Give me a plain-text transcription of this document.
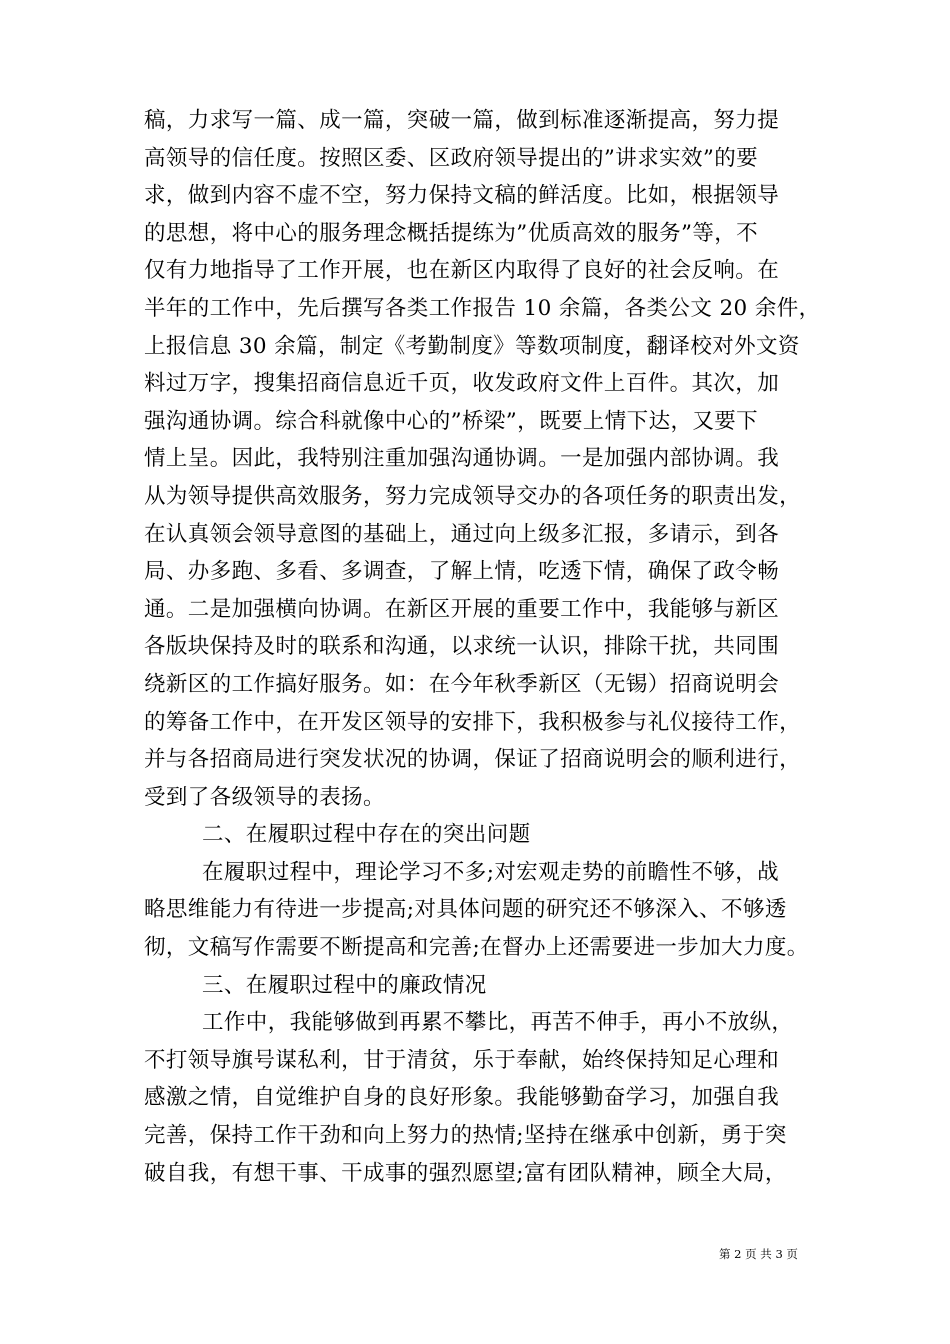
稿，力求写一篇、成一篇，突破一篇，做到标准逐渐提高，努力提
高领导的信任度。按照区委、区政府领导提出的”讲求实效”的要
求，做到内容不虚不空，努力保持文稿的鲜活度。比如，根据领导
的思想，将中心的服务理念概括提练为”优质高效的服务”等，不
仅有力地指导了工作开展，也在新区内取得了良好的社会反响。在
半年的工作中，先后撰写各类工作报告 10 余篇，各类公文 20 余件，
上报信息 30 余篇，制定《考勤制度》等数项制度，翻译校对外文资
料过万字，搜集招商信息近千页，收发政府文件上百件。其次，加
强沟通协调。综合科就像中心的”桥梁”，既要上情下达，又要下
情上呈。因此，我特别注重加强沟通协调。一是加强内部协调。我
从为领导提供高效服务，努力完成领导交办的各项任务的职责出发，
在认真领会领导意图的基础上，通过向上级多汇报，多请示，到各
局、办多跑、多看、多调查，了解上情，吃透下情，确保了政令畅
通。二是加强横向协调。在新区开展的重要工作中，我能够与新区
各版块保持及时的联系和沟通，以求统一认识，排除干扰，共同围
绕新区的工作搞好服务。如：在今年秋季新区（无锡）招商说明会
的筹备工作中，在开发区领导的安排下，我积极参与礼仪接待工作，
并与各招商局进行突发状况的协调，保证了招商说明会的顺利进行，
受到了各级领导的表扬。
二、在履职过程中存在的突出问题
在履职过程中，理论学习不多;对宏观走势的前瞻性不够，战
略思维能力有待进一步提高;对具体问题的研究还不够深入、不够透
彻，文稿写作需要不断提高和完善;在督办上还需要进一步加大力度。
三、在履职过程中的廉政情况
工作中，我能够做到再累不攀比，再苦不伸手，再小不放纵，
不打领导旗号谋私利，甘于清贫，乐于奉献，始终保持知足心理和
感激之情，自觉维护自身的良好形象。我能够勤奋学习，加强自我
完善，保持工作干劲和向上努力的热情;坚持在继承中创新，勇于突
破自我，有想干事、干成事的强烈愿望;富有团队精神，顾全大局，
第 2 页 共 3 页
